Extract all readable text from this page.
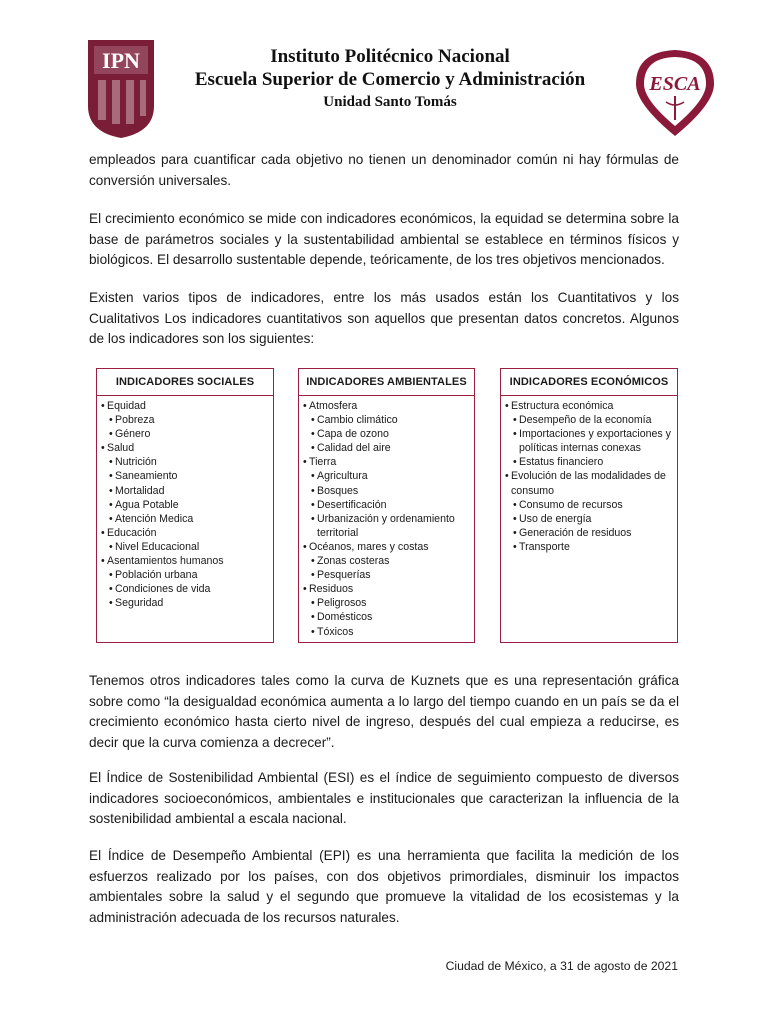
IPN
ESCA
Instituto Politécnico Nacional
Escuela Superior de Comercio y Administración
Unidad Santo Tomás

empleados para cuantificar cada objetivo no tienen un denominador común ni hay fórmulas de conversión universales.

El crecimiento económico se mide con indicadores económicos, la equidad se determina sobre la base de parámetros sociales y la sustentabilidad ambiental se establece en términos físicos y biológicos. El desarrollo sustentable depende, teóricamente, de los tres objetivos mencionados.

Existen varios tipos de indicadores, entre los más usados están los Cuantitativos y los Cualitativos Los indicadores cuantitativos son aquellos que presentan datos concretos. Algunos de los indicadores son los siguientes:

INDICADORES SOCIALES
• Equidad
• Pobreza
• Género
• Salud
• Nutrición
• Saneamiento
• Mortalidad
• Agua Potable
• Atención Medica
• Educación
• Nivel Educacional
• Asentamientos humanos
• Población urbana
• Condiciones de vida
• Seguridad
INDICADORES AMBIENTALES
• Atmosfera
• Cambio climático
• Capa de ozono
• Calidad del aire
• Tierra
• Agricultura
• Bosques
• Desertificación
• Urbanización y ordenamiento territorial
• Océanos, mares y costas
• Zonas costeras
• Pesquerías
• Residuos
• Peligrosos
• Domésticos
• Tóxicos
INDICADORES ECONÓMICOS
• Estructura económica
• Desempeño de la economía
• Importaciones y exportaciones y políticas internas conexas
• Estatus financiero
• Evolución de las modalidades de consumo
• Consumo de recursos
• Uso de energía
• Generación de residuos
• Transporte

Tenemos otros indicadores tales como la curva de Kuznets que es una representación gráfica sobre como “la desigualdad económica aumenta a lo largo del tiempo cuando en un país se da el crecimiento económico hasta cierto nivel de ingreso, después del cual empieza a reducirse, es decir que la curva comienza a decrecer”.

El Índice de Sostenibilidad Ambiental (ESI) es el índice de seguimiento compuesto de diversos indicadores socioeconómicos, ambientales e institucionales que caracterizan la influencia de la sostenibilidad ambiental a escala nacional.

El Índice de Desempeño Ambiental (EPI) es una herramienta que facilita la medición de los esfuerzos realizado por los países, con dos objetivos primordiales, disminuir los impactos ambientales sobre la salud y el segundo que promueve la vitalidad de los ecosistemas y la administración adecuada de los recursos naturales.

Ciudad de México, a 31 de agosto de 2021
